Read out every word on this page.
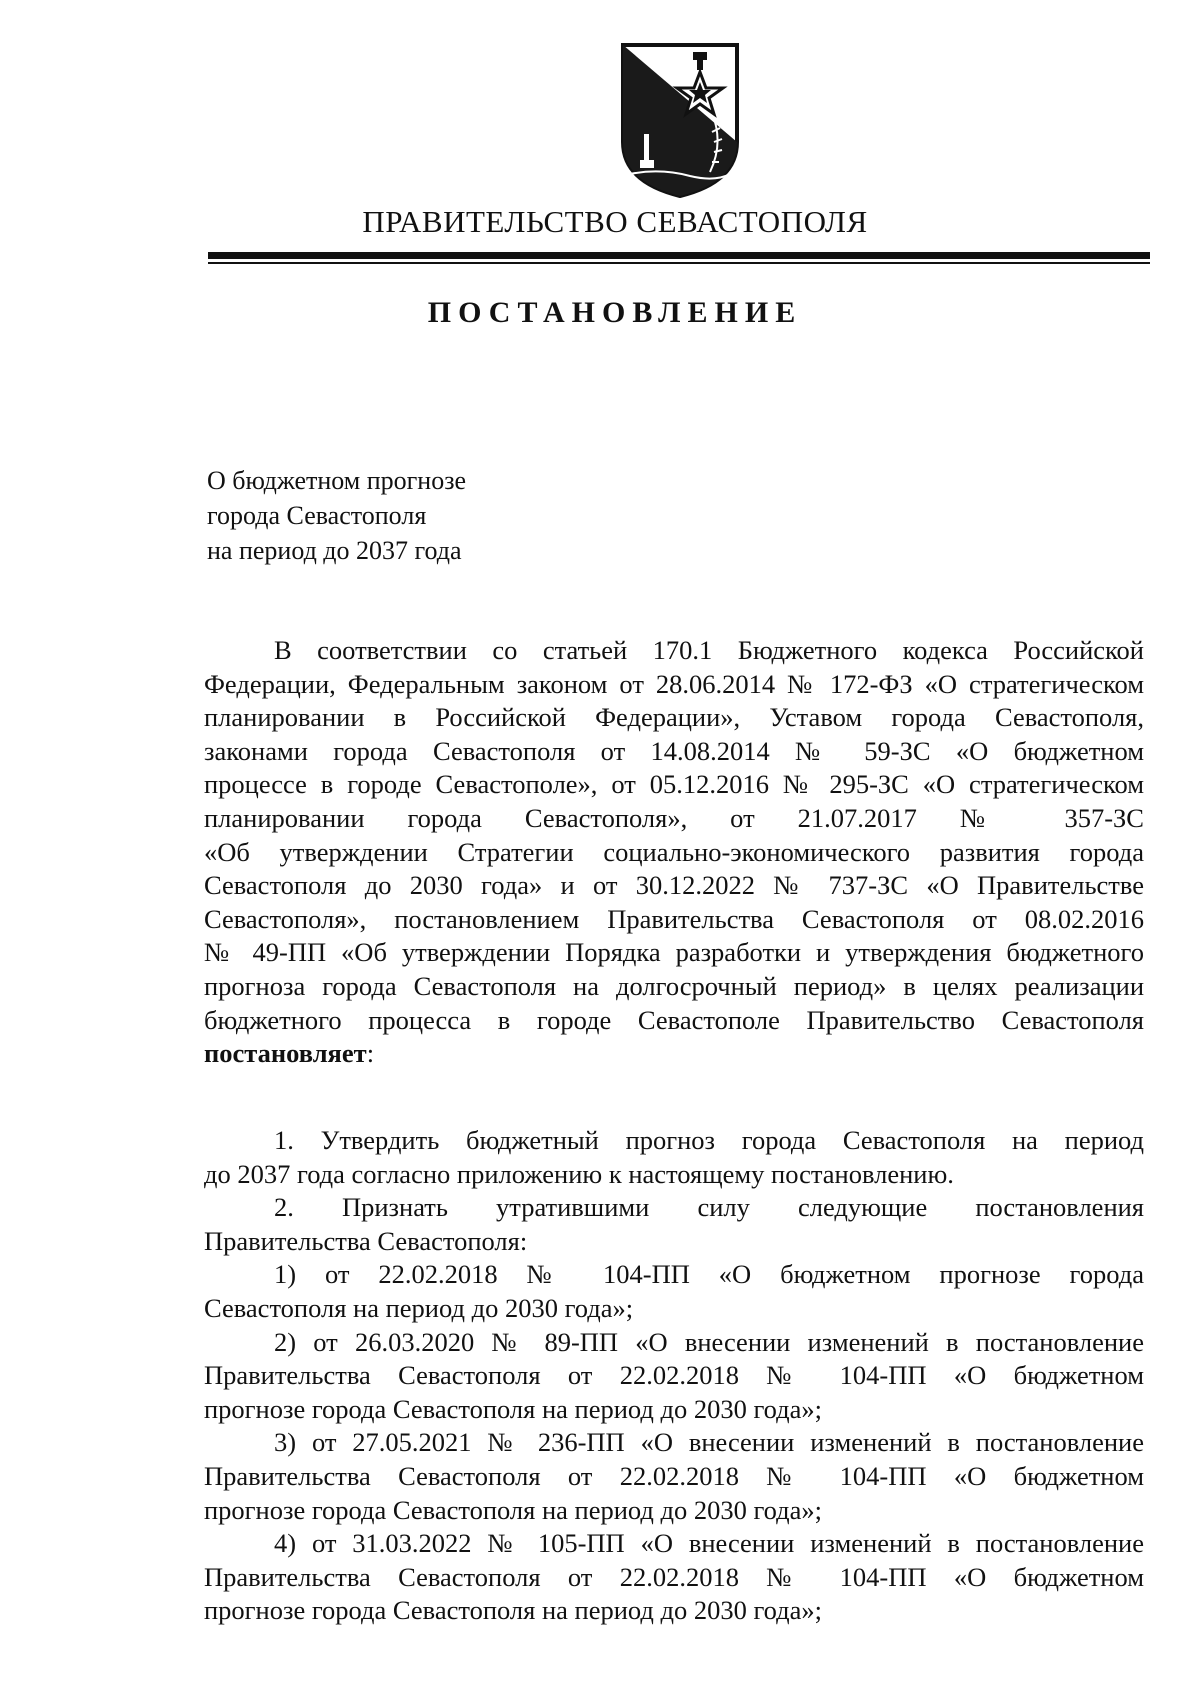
ПРАВИТЕЛЬСТВО СЕВАСТОПОЛЯ
ПОСТАНОВЛЕНИЕ
О бюджетном прогнозе
города Севастополя
на период до 2037 года

В соответствии со статьей 170.1 Бюджетного кодекса Российской

Федерации, Федеральным законом от 28.06.2014 № 172-ФЗ «О стратегическом

планировании в Российской Федерации», Уставом города Севастополя,

законами города Севастополя от 14.08.2014 № 59-ЗС «О бюджетном

процессе в городе Севастополе», от 05.12.2016 № 295-ЗС «О стратегическом

планировании города Севастополя», от 21.07.2017 № 357-ЗС

«Об утверждении Стратегии социально-экономического развития города

Севастополя до 2030 года» и от 30.12.2022 № 737-ЗС «О Правительстве

Севастополя», постановлением Правительства Севастополя от 08.02.2016

№ 49-ПП «Об утверждении Порядка разработки и утверждения бюджетного

прогноза города Севастополя на долгосрочный период» в целях реализации

бюджетного процесса в городе Севастополе Правительство Севастополя

постановляет:

1. Утвердить бюджетный прогноз города Севастополя на период

до 2037 года согласно приложению к настоящему постановлению.

2. Признать утратившими силу следующие постановления

Правительства Севастополя:

1) от 22.02.2018 № 104-ПП «О бюджетном прогнозе города

Севастополя на период до 2030 года»;

2) от 26.03.2020 № 89-ПП «О внесении изменений в постановление

Правительства Севастополя от 22.02.2018 № 104-ПП «О бюджетном

прогнозе города Севастополя на период до 2030 года»;

3) от 27.05.2021 № 236-ПП «О внесении изменений в постановление

Правительства Севастополя от 22.02.2018 № 104-ПП «О бюджетном

прогнозе города Севастополя на период до 2030 года»;

4) от 31.03.2022 № 105-ПП «О внесении изменений в постановление

Правительства Севастополя от 22.02.2018 № 104-ПП «О бюджетном

прогнозе города Севастополя на период до 2030 года»;
